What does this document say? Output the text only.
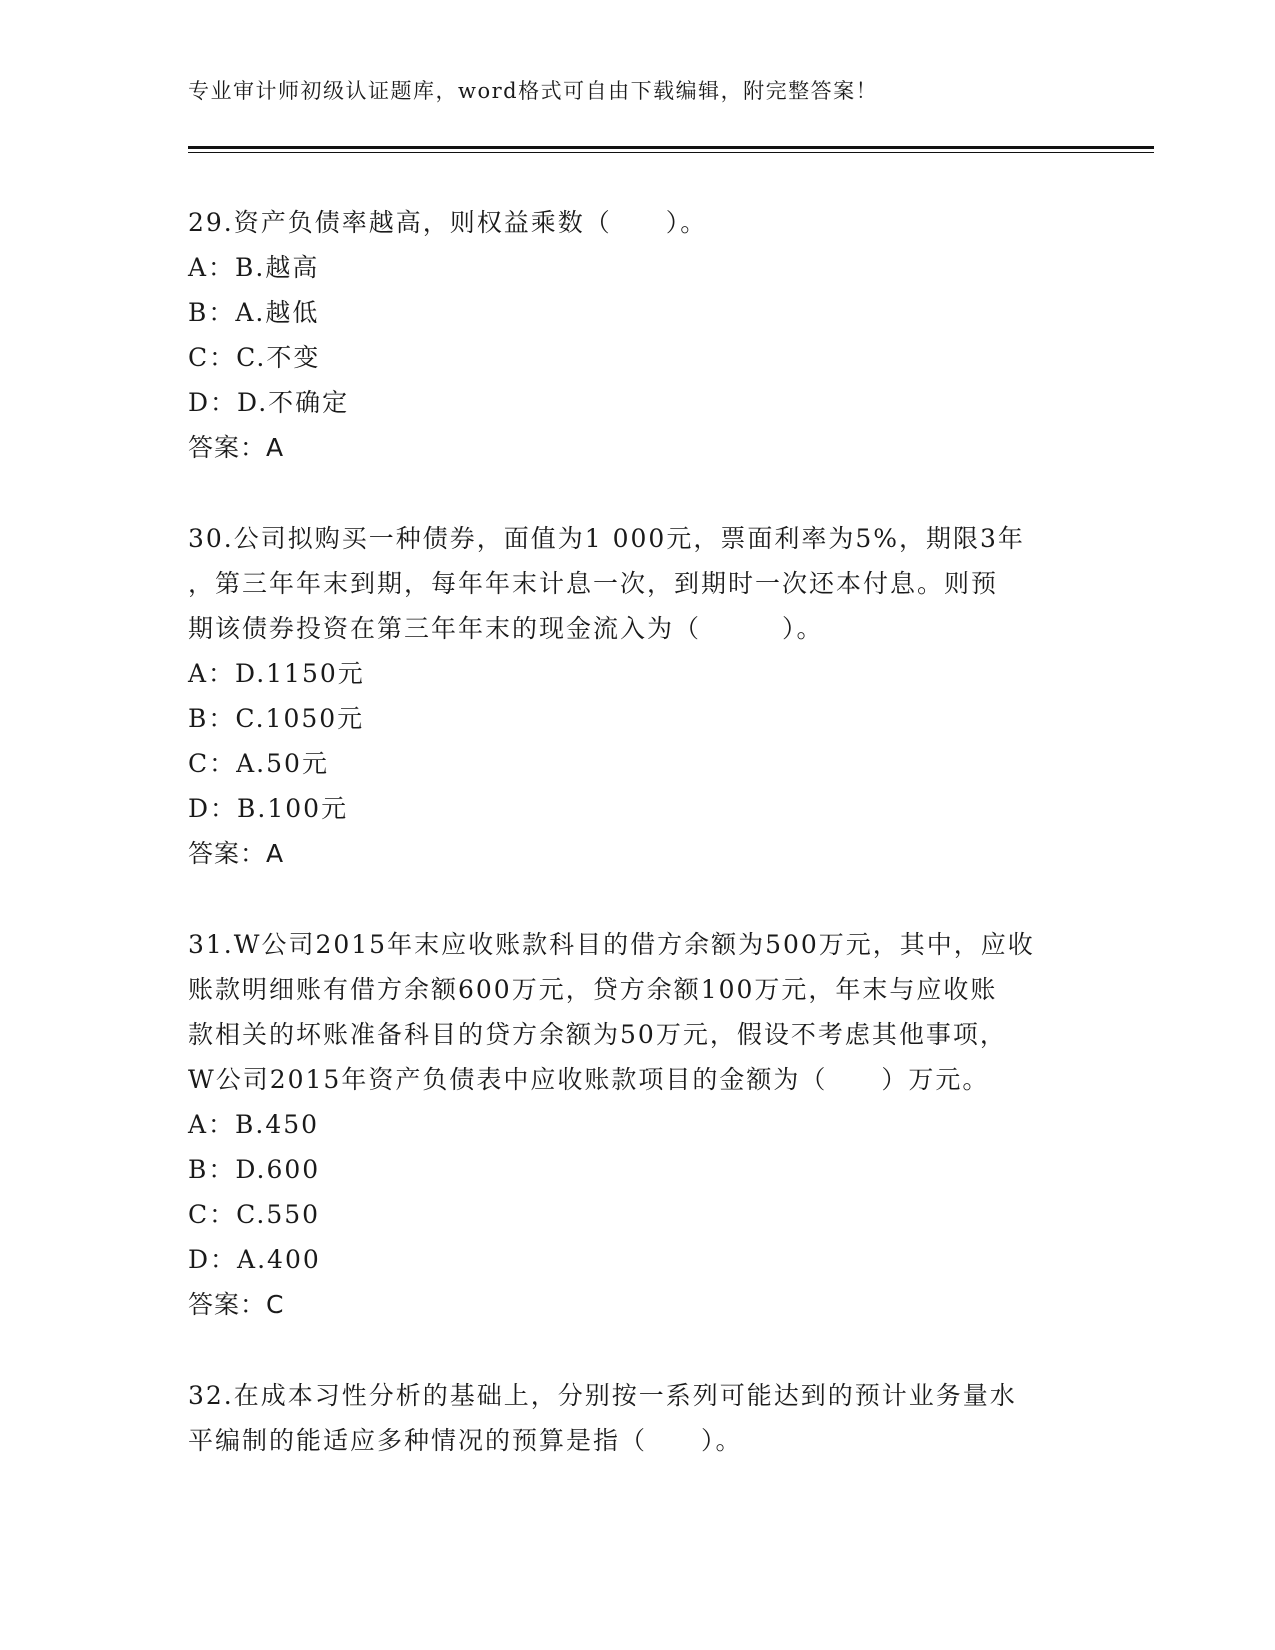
专业审计师初级认证题库，word格式可自由下载编辑，附完整答案！
29.资产负债率越高，则权益乘数（　　）。
A：B.越高
B：A.越低
C：C.不变
D：D.不确定
答案：A
30.公司拟购买一种债券，面值为1 000元，票面利率为5%，期限3年
，第三年年末到期，每年年末计息一次，到期时一次还本付息。则预
期该债券投资在第三年年末的现金流入为（　　　）。
A：D.1150元
B：C.1050元
C：A.50元
D：B.100元
答案：A
31.W公司2015年末应收账款科目的借方余额为500万元，其中，应收
账款明细账有借方余额600万元，贷方余额100万元，年末与应收账
款相关的坏账准备科目的贷方余额为50万元，假设不考虑其他事项，
W公司2015年资产负债表中应收账款项目的金额为（　　）万元。
A：B.450
B：D.600
C：C.550
D：A.400
答案：C
32.在成本习性分析的基础上，分别按一系列可能达到的预计业务量水
平编制的能适应多种情况的预算是指（　　）。
